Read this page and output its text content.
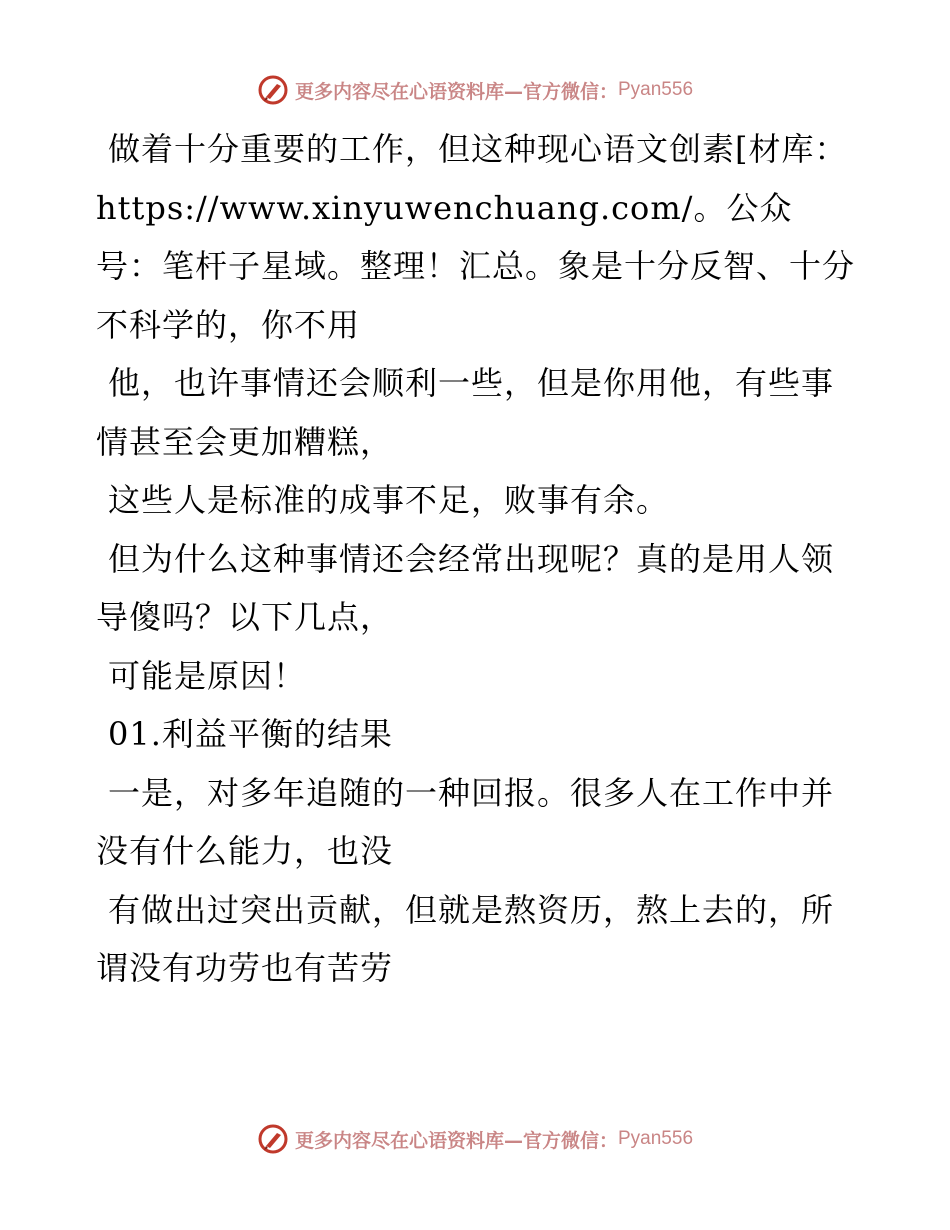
更多内容尽在心语资料库—官方微信： Pyan556

做着十分重要的工作，但这种现心语文创素[材库：https://www.xinyuwenchuang.com/。公众号：笔杆子星域。整理！汇总。象是十分反智、十分不科学的，你不用

他，也许事情还会顺利一些，但是你用他，有些事情甚至会更加糟糕，

这些人是标准的成事不足，败事有余。

但为什么这种事情还会经常出现呢？真的是用人领导傻吗？以下几点，

可能是原因！

01.利益平衡的结果

一是，对多年追随的一种回报。很多人在工作中并没有什么能力，也没

有做出过突出贡献，但就是熬资历，熬上去的，所谓没有功劳也有苦劳

更多内容尽在心语资料库—官方微信： Pyan556
